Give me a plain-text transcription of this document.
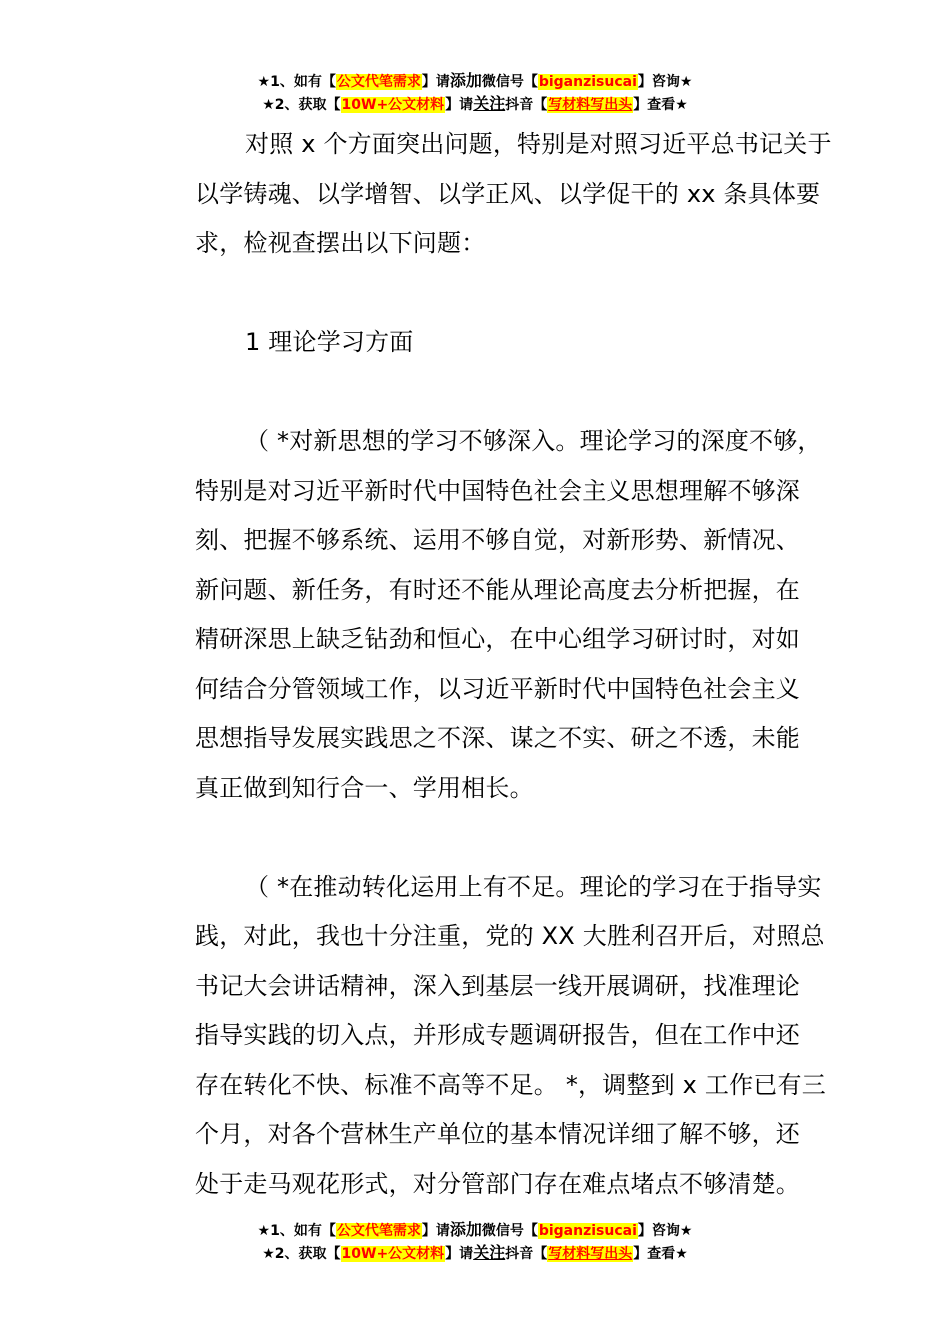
★1、如有【公文代笔需求】请添加微信号【biganzisucai】咨询★
★2、获取【10W+公文材料】请关注抖音【写材料写出头】查看★
对照 x 个方面突出问题，特别是对照习近平总书记关于
以学铸魂、以学增智、以学正风、以学促干的 xx 条具体要
求，检视查摆出以下问题：
1 理论学习方面
（ *对新思想的学习不够深入。理论学习的深度不够，
特别是对习近平新时代中国特色社会主义思想理解不够深
刻、把握不够系统、运用不够自觉，对新形势、新情况、
新问题、新任务，有时还不能从理论高度去分析把握，在
精研深思上缺乏钻劲和恒心，在中心组学习研讨时，对如
何结合分管领域工作，以习近平新时代中国特色社会主义
思想指导发展实践思之不深、谋之不实、研之不透，未能
真正做到知行合一、学用相长。
（ *在推动转化运用上有不足。理论的学习在于指导实
践，对此，我也十分注重，党的 XX 大胜利召开后，对照总
书记大会讲话精神，深入到基层一线开展调研，找准理论
指导实践的切入点，并形成专题调研报告，但在工作中还
存在转化不快、标准不高等不足。 *，调整到 x 工作已有三
个月，对各个营林生产单位的基本情况详细了解不够，还
处于走马观花形式，对分管部门存在难点堵点不够清楚。
★1、如有【公文代笔需求】请添加微信号【biganzisucai】咨询★
★2、获取【10W+公文材料】请关注抖音【写材料写出头】查看★
